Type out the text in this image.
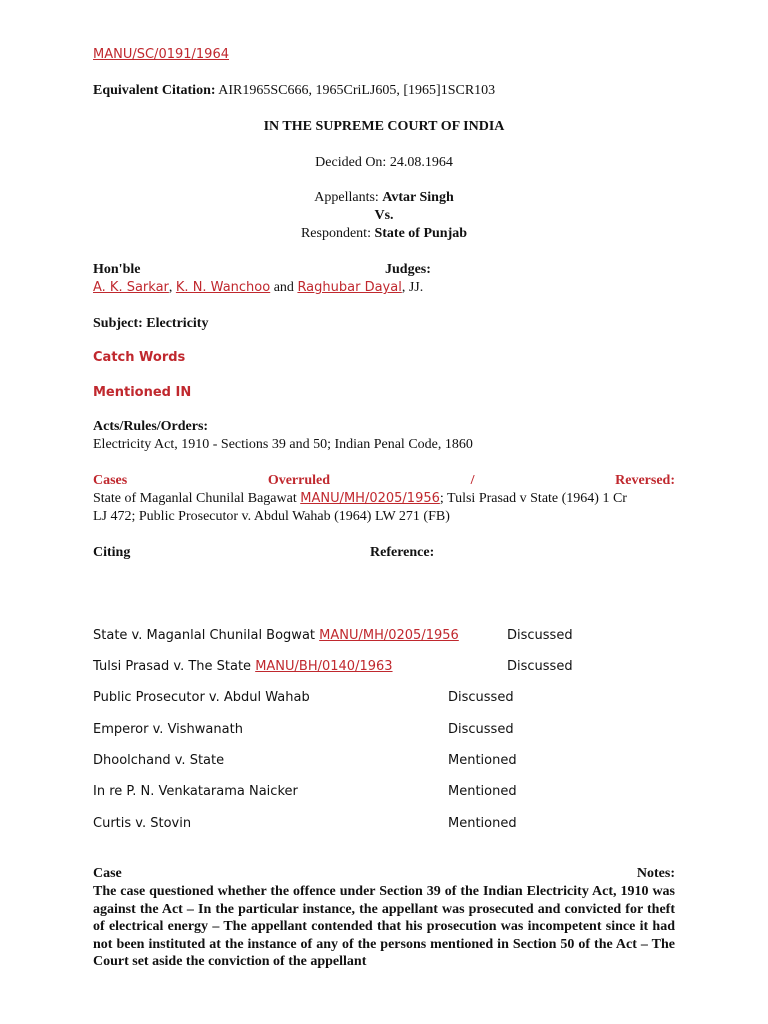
MANU/SC/0191/1964
Equivalent Citation: AIR1965SC666, 1965CriLJ605, [1965]1SCR103
IN THE SUPREME COURT OF INDIA
Decided On: 24.08.1964
Appellants: Avtar Singh
Vs.
Respondent: State of Punjab
Hon'ble	Judges:
A. K. Sarkar, K. N. Wanchoo and Raghubar Dayal, JJ.
Subject: Electricity
Catch Words
Mentioned IN
Acts/Rules/Orders:
Electricity Act, 1910 - Sections 39 and 50; Indian Penal Code, 1860
Cases	Overruled	/	Reversed:
State of Maganlal Chunilal Bagawat MANU/MH/0205/1956; Tulsi Prasad v State (1964) 1 Cr
LJ 472; Public Prosecutor v. Abdul Wahab (1964) LW 271 (FB)
Citing	Reference:
State v. Maganlal Chunilal Bogwat MANU/MH/0205/1956	Discussed
Tulsi Prasad v. The State MANU/BH/0140/1963	Discussed
Public Prosecutor v. Abdul Wahab	Discussed
Emperor v. Vishwanath	Discussed
Dhoolchand v. State	Mentioned
In re P. N. Venkatarama Naicker	Mentioned
Curtis v. Stovin	Mentioned
Case	Notes:
The case questioned whether the offence under Section 39 of the Indian Electricity Act, 1910 was against the Act – In the particular instance, the appellant was prosecuted and convicted for theft of electrical energy – The appellant contended that his prosecution was incompetent since it had not been instituted at the instance of any of the persons mentioned in Section 50 of the Act – The Court set aside the conviction of the appellant
